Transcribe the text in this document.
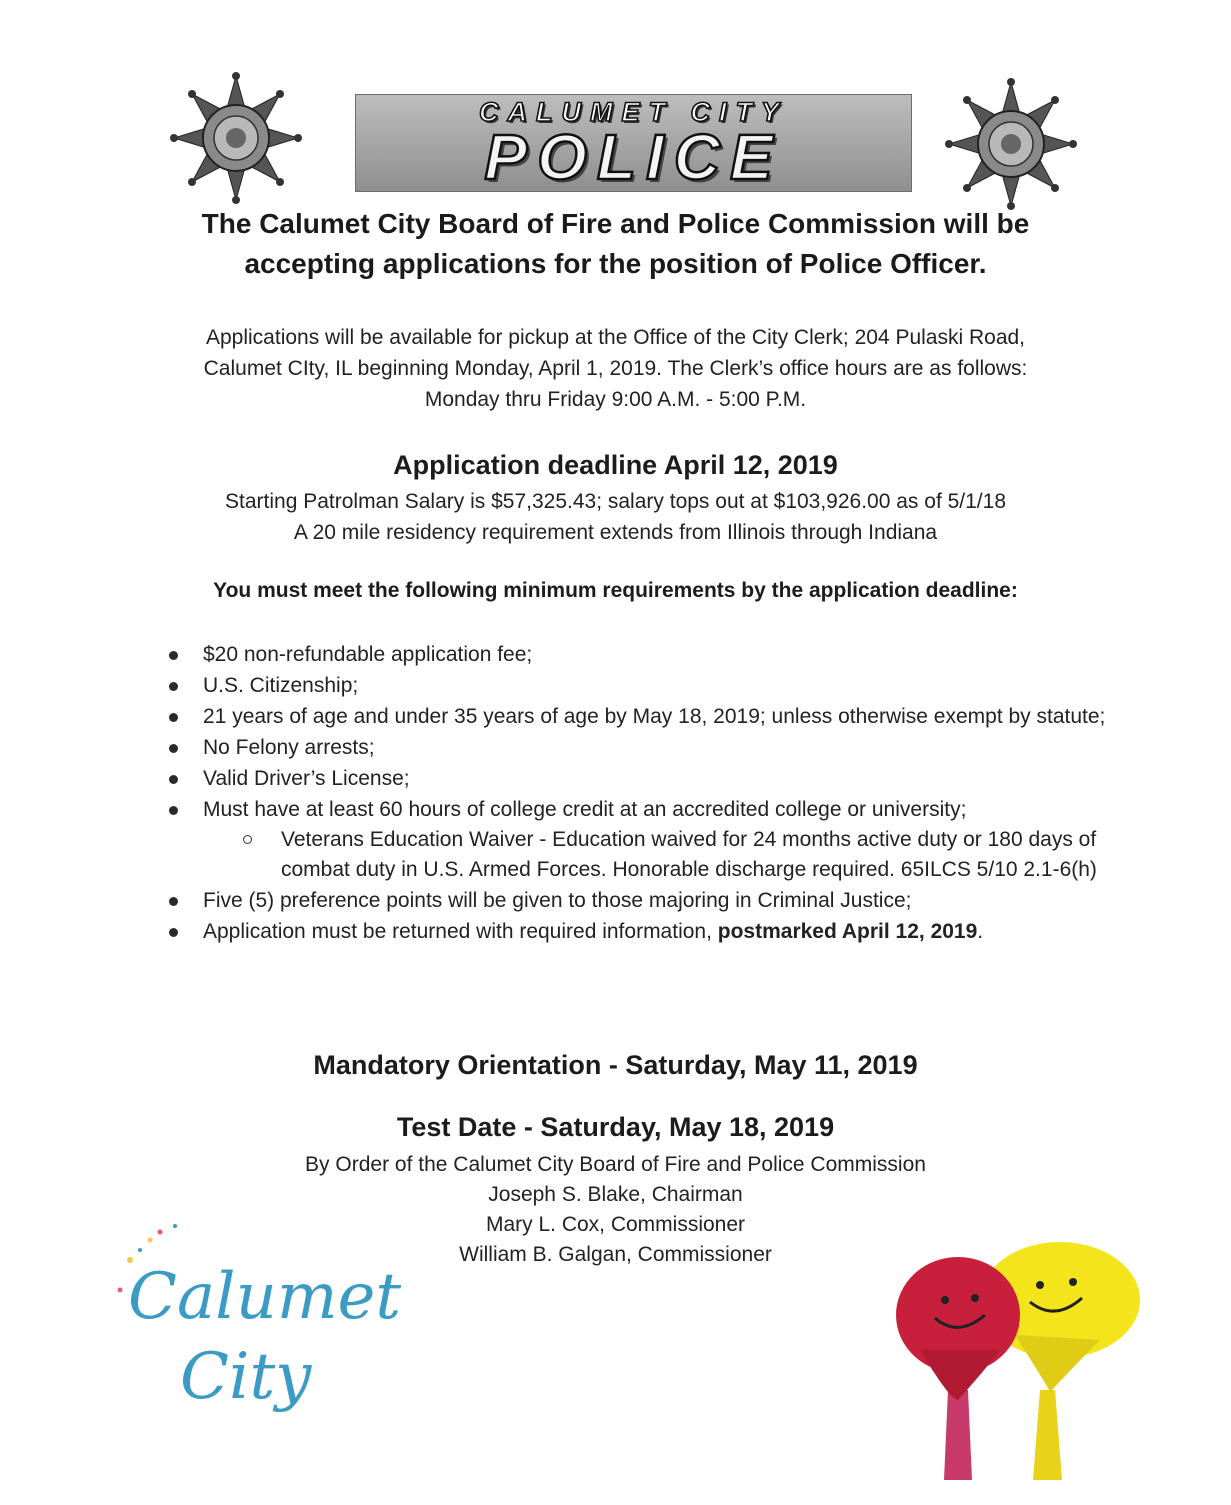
CALUMET CITY
POLICE
The Calumet City Board of Fire and Police Commission will be
accepting applications for the position of Police Officer.
Applications will be available for pickup at the Office of the City Clerk; 204 Pulaski Road,
Calumet CIty, IL beginning Monday, April 1, 2019. The Clerk’s office hours are as follows:
Monday thru Friday 9:00 A.M. - 5:00 P.M.
Application deadline April 12, 2019
Starting Patrolman Salary is $57,325.43; salary tops out at $103,926.00 as of 5/1/18
A 20 mile residency requirement extends from Illinois through Indiana
You must meet the following minimum requirements by the application deadline:
$20 non-refundable application fee;
U.S. Citizenship;
21 years of age and under 35 years of age by May 18, 2019; unless otherwise exempt by statute;
No Felony arrests;
Valid Driver’s License;
Must have at least 60 hours of college credit at an accredited college or university;
Veterans Education Waiver - Education waived for 24 months active duty or 180 days of combat duty in U.S. Armed Forces. Honorable discharge required. 65ILCS 5/10 2.1-6(h)
Five (5) preference points will be given to those majoring in Criminal Justice;
Application must be returned with required information, postmarked April 12, 2019.
Mandatory Orientation - Saturday, May 11, 2019
Test Date - Saturday, May 18, 2019
By Order of the Calumet City Board of Fire and Police Commission
Joseph S. Blake, Chairman
Mary L. Cox, Commissioner
William B. Galgan, Commissioner
Calumet
City
